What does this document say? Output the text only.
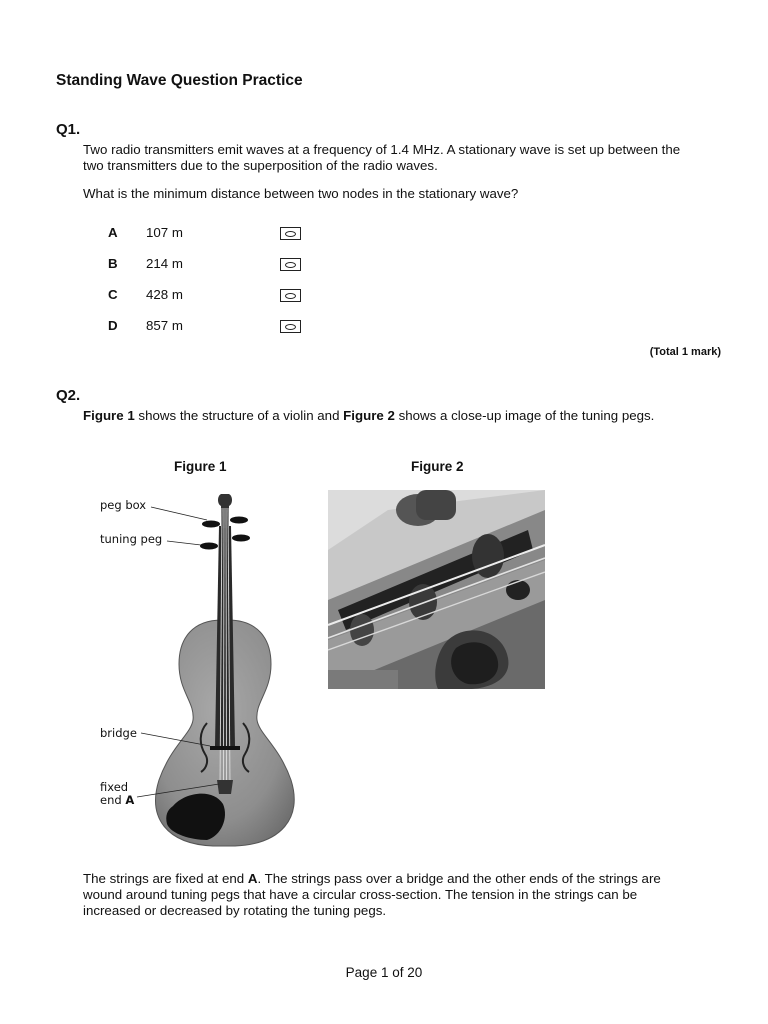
Standing Wave Question Practice
Q1.
Two radio transmitters emit waves at a frequency of 1.4 MHz. A stationary wave is set up between the two transmitters due to the superposition of the radio waves.
What is the minimum distance between two nodes in the stationary wave?
A 107 m
B 214 m
C 428 m
D 857 m
(Total 1 mark)
Q2.
Figure 1 shows the structure of a violin and Figure 2 shows a close-up image of the tuning pegs.
Figure 1	Figure 2
peg box
tuning peg
bridge
fixed
end A
The strings are fixed at end A. The strings pass over a bridge and the other ends of the strings are wound around tuning pegs that have a circular cross-section. The tension in the strings can be increased or decreased by rotating the tuning pegs.
Page 1 of 20
